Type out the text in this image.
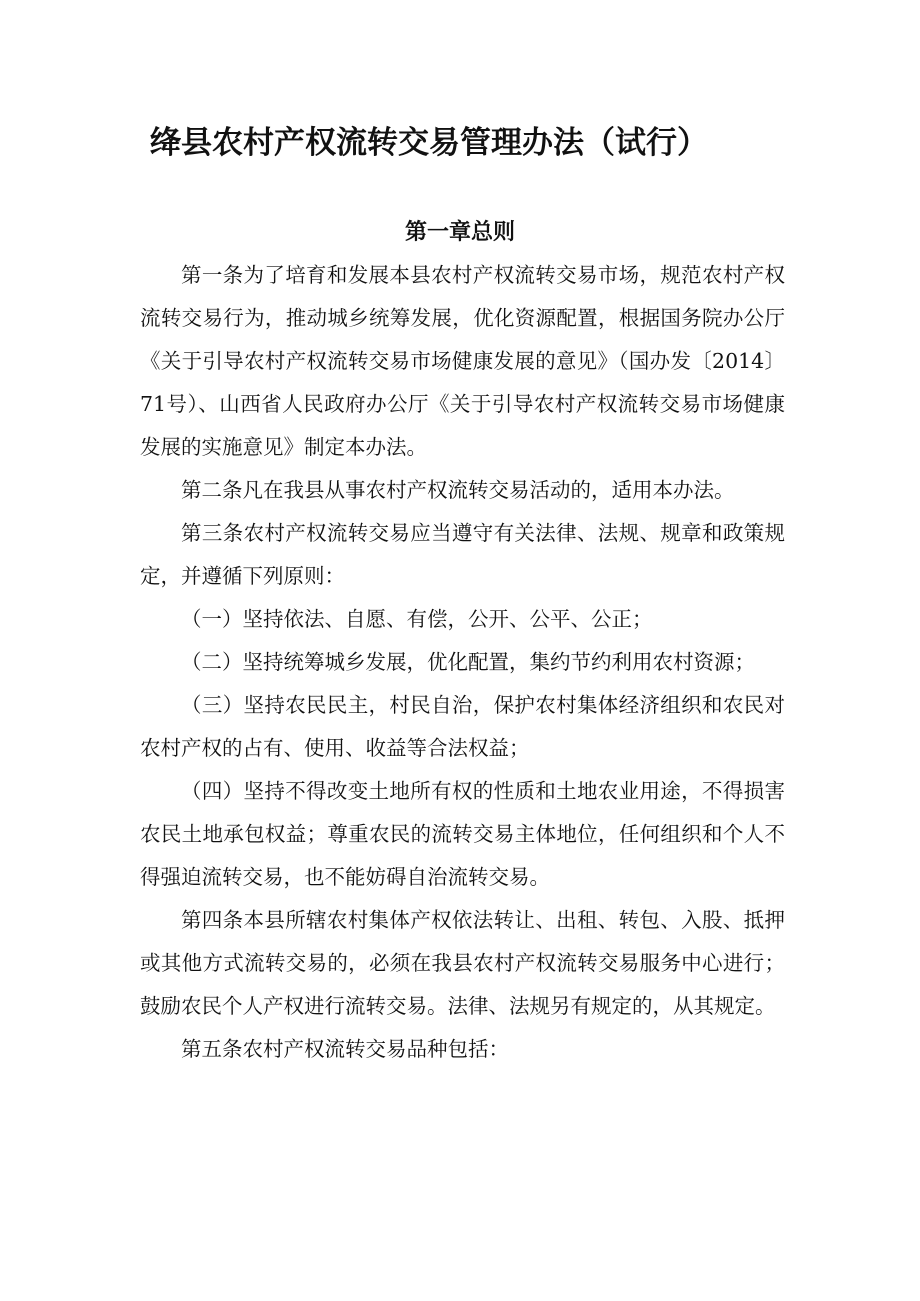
绛县农村产权流转交易管理办法（试行）
第一章总则

第一条为了培育和发展本县农村产权流转交易市场，规范农村产权流转交易行为，推动城乡统筹发展，优化资源配置，根据国务院办公厅《关于引导农村产权流转交易市场健康发展的意见》（国办发〔2014〕71号）、山西省人民政府办公厅《关于引导农村产权流转交易市场健康发展的实施意见》制定本办法。

第二条凡在我县从事农村产权流转交易活动的，适用本办法。

第三条农村产权流转交易应当遵守有关法律、法规、规章和政策规定，并遵循下列原则：

（一）坚持依法、自愿、有偿，公开、公平、公正；

（二）坚持统筹城乡发展，优化配置，集约节约利用农村资源；

（三）坚持农民民主，村民自治，保护农村集体经济组织和农民对农村产权的占有、使用、收益等合法权益；

（四）坚持不得改变土地所有权的性质和土地农业用途，不得损害农民土地承包权益；尊重农民的流转交易主体地位，任何组织和个人不得强迫流转交易，也不能妨碍自治流转交易。

第四条本县所辖农村集体产权依法转让、出租、转包、入股、抵押或其他方式流转交易的，必须在我县农村产权流转交易服务中心进行；鼓励农民个人产权进行流转交易。法律、法规另有规定的，从其规定。

第五条农村产权流转交易品种包括：
